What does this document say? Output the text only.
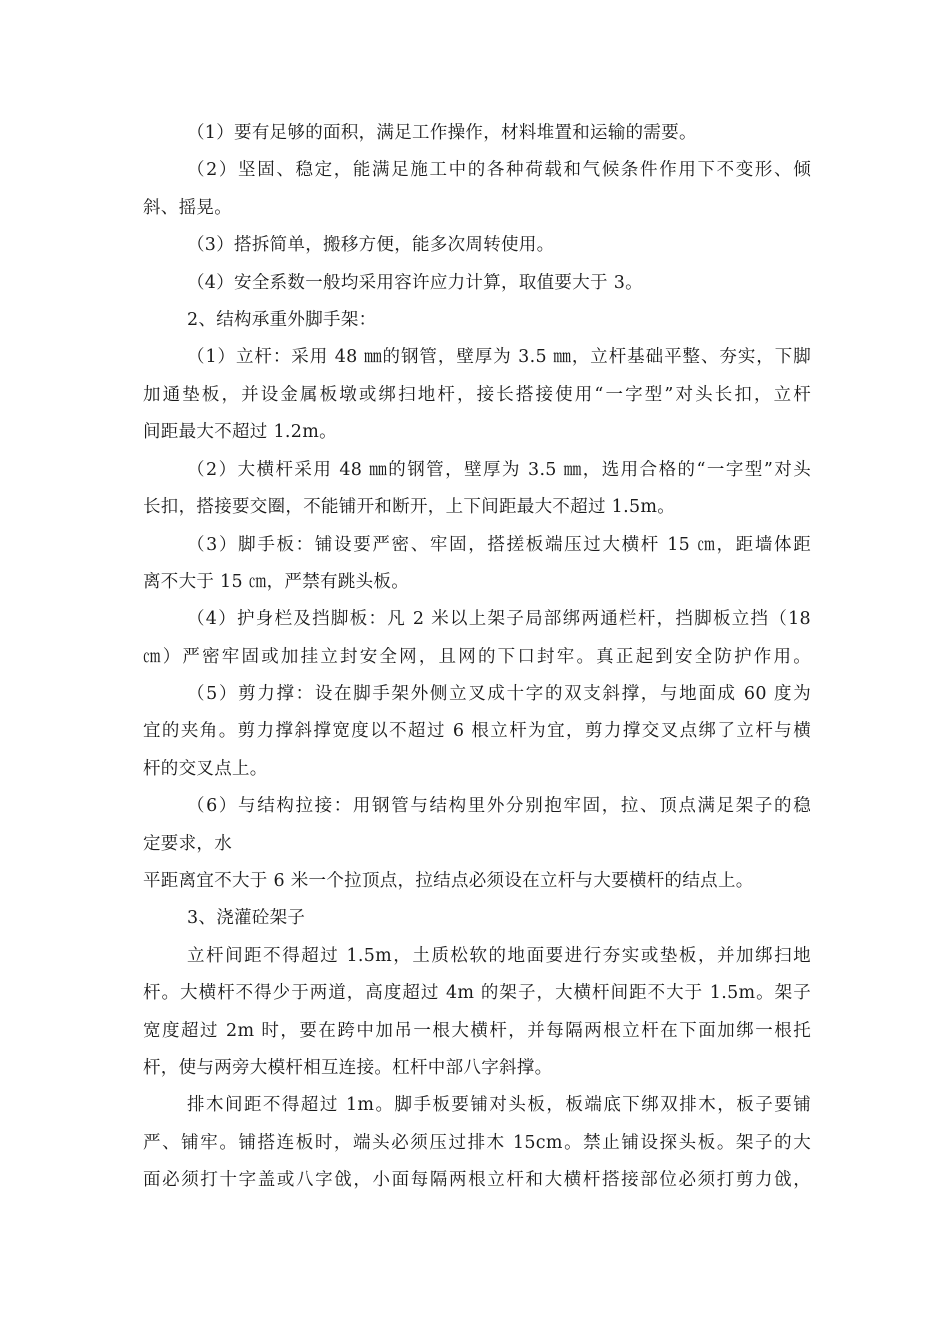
（1）要有足够的面积，满足工作操作，材料堆置和运输的需要。
（2）坚固、稳定，能满足施工中的各种荷载和气候条件作用下不变形、倾
斜、摇晃。
（3）搭拆简单，搬移方便，能多次周转使用。
（4）安全系数一般均采用容许应力计算，取值要大于 3。
2、结构承重外脚手架：
（1）立杆：采用 48 ㎜的钢管，壁厚为 3.5 ㎜，立杆基础平整、夯实，下脚
加通垫板，并设金属板墩或绑扫地杆，接长搭接使用“一字型”对头长扣，立杆
间距最大不超过 1.2m。
（2）大横杆采用 48 ㎜的钢管，壁厚为 3.5 ㎜，选用合格的“一字型”对头
长扣，搭接要交圈，不能铺开和断开，上下间距最大不超过 1.5m。
（3）脚手板：铺设要严密、牢固，搭搓板端压过大横杆 15 ㎝，距墙体距
离不大于 15 ㎝，严禁有跳头板。
（4）护身栏及挡脚板：凡 2 米以上架子局部绑两通栏杆，挡脚板立挡（18
㎝）严密牢固或加挂立封安全网，且网的下口封牢。真正起到安全防护作用。
（5）剪力撑：设在脚手架外侧立叉成十字的双支斜撑，与地面成 60 度为
宜的夹角。剪力撑斜撑宽度以不超过 6 根立杆为宜，剪力撑交叉点绑了立杆与横
杆的交叉点上。
（6）与结构拉接：用钢管与结构里外分别抱牢固，拉、顶点满足架子的稳
定要求，水
平距离宜不大于 6 米一个拉顶点，拉结点必须设在立杆与大要横杆的结点上。
3、浇灌砼架子
立杆间距不得超过 1.5m，土质松软的地面要进行夯实或垫板，并加绑扫地
杆。大横杆不得少于两道，高度超过 4m 的架子，大横杆间距不大于 1.5m。架子
宽度超过 2m 时，要在跨中加吊一根大横杆，并每隔两根立杆在下面加绑一根托
杆，使与两旁大模杆相互连接。杠杆中部八字斜撑。
排木间距不得超过 1m。脚手板要铺对头板，板端底下绑双排木，板子要铺
严、铺牢。铺搭连板时，端头必须压过排木 15cm。禁止铺设探头板。架子的大
面必须打十字盖或八字戗，小面每隔两根立杆和大横杆搭接部位必须打剪力戗，
